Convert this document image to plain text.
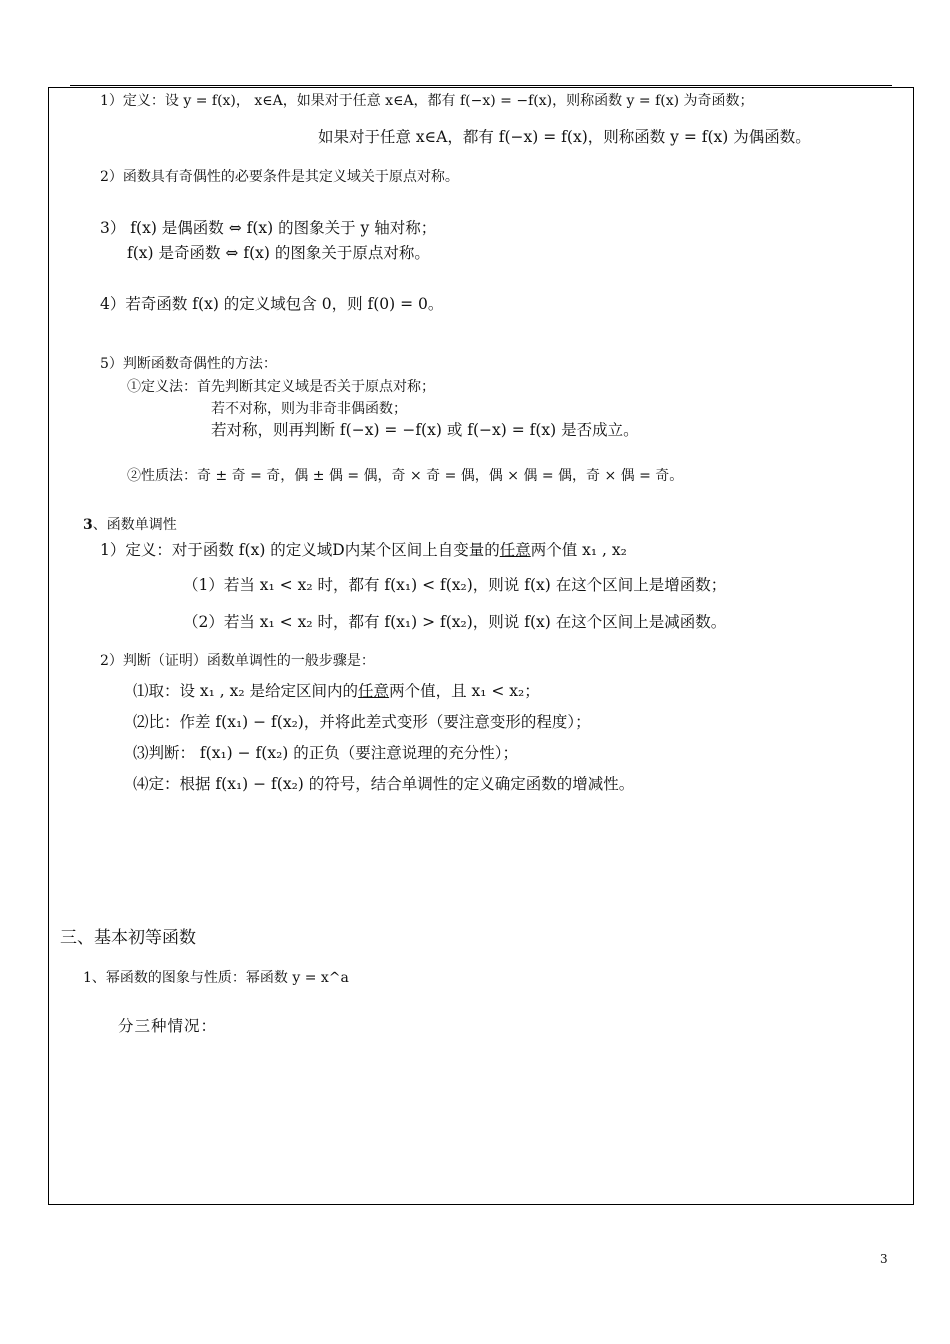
1）定义：设 y = f(x)， x∈A，如果对于任意 x∈A，都有 f(−x) = −f(x)，则称函数 y = f(x) 为奇函数；
如果对于任意 x∈A，都有 f(−x) = f(x)，则称函数 y = f(x) 为偶函数。
2）函数具有奇偶性的必要条件是其定义域关于原点对称。
3） f(x) 是偶函数 ⇔ f(x) 的图象关于 y 轴对称；
f(x) 是奇函数 ⇔ f(x) 的图象关于原点对称。
4）若奇函数 f(x) 的定义域包含 0，则 f(0) = 0。
5）判断函数奇偶性的方法：
①定义法：首先判断其定义域是否关于原点对称；
若不对称，则为非奇非偶函数；
若对称，则再判断 f(−x) = −f(x) 或 f(−x) = f(x) 是否成立。
②性质法：奇 ± 奇 = 奇，偶 ± 偶 = 偶，奇 × 奇 = 偶，偶 × 偶 = 偶，奇 × 偶 = 奇。
3、函数单调性
1）定义：对于函数 f(x) 的定义域D内某个区间上自变量的任意两个值 x₁ , x₂
（1）若当 x₁ < x₂ 时，都有 f(x₁) < f(x₂)，则说 f(x) 在这个区间上是增函数；
（2）若当 x₁ < x₂ 时，都有 f(x₁) > f(x₂)，则说 f(x) 在这个区间上是减函数。
2）判断（证明）函数单调性的一般步骤是：
⑴取：设 x₁ , x₂ 是给定区间内的任意两个值，且 x₁ < x₂；
⑵比：作差 f(x₁) − f(x₂)，并将此差式变形（要注意变形的程度）；
⑶判断： f(x₁) − f(x₂) 的正负（要注意说理的充分性）；
⑷定：根据 f(x₁) − f(x₂) 的符号，结合单调性的定义确定函数的增减性。
三、基本初等函数
1、幂函数的图象与性质：幂函数 y = x^a
分三种情况：
3
